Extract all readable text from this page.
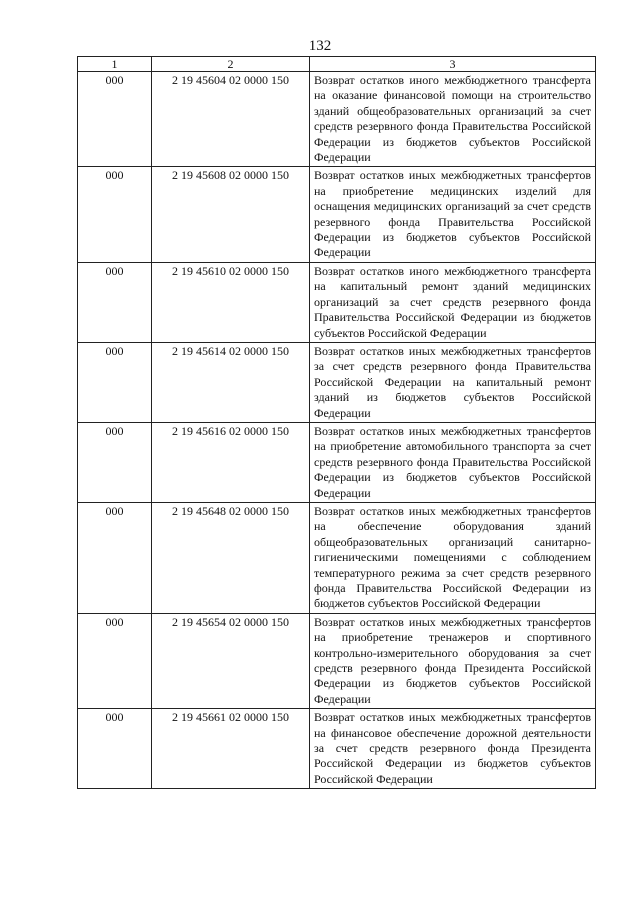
132
1	2	3
000	2 19 45604 02 0000 150	Возврат остатков иного межбюджетного трансферта на оказание финансовой помощи на строительство зданий общеобразовательных организаций за счет средств резервного фонда Правительства Российской Федерации из бюджетов субъектов Российской Федерации
000	2 19 45608 02 0000 150	Возврат остатков иных межбюджетных трансфертов на приобретение медицинских изделий для оснащения медицинских организаций за счет средств резервного фонда Правительства Российской Федерации из бюджетов субъектов Российской Федерации
000	2 19 45610 02 0000 150	Возврат остатков иного межбюджетного трансферта на капитальный ремонт зданий медицинских организаций за счет средств резервного фонда Правительства Российской Федерации из бюджетов субъектов Российской Федерации
000	2 19 45614 02 0000 150	Возврат остатков иных межбюджетных трансфертов за счет средств резервного фонда Правительства Российской Федерации на капитальный ремонт зданий из бюджетов субъектов Российской Федерации
000	2 19 45616 02 0000 150	Возврат остатков иных межбюджетных трансфертов на приобретение автомобильного транспорта за счет средств резервного фонда Правительства Российской Федерации из бюджетов субъектов Российской Федерации
000	2 19 45648 02 0000 150	Возврат остатков иных межбюджетных трансфертов на обеспечение оборудования зданий общеобразовательных организаций санитарно-гигиеническими помещениями с соблюдением температурного режима за счет средств резервного фонда Правительства Российской Федерации из бюджетов субъектов Российской Федерации
000	2 19 45654 02 0000 150	Возврат остатков иных межбюджетных трансфертов на приобретение тренажеров и спортивного контрольно-измерительного оборудования за счет средств резервного фонда Президента Российской Федерации из бюджетов субъектов Российской Федерации
000	2 19 45661 02 0000 150	Возврат остатков иных межбюджетных трансфертов на финансовое обеспечение дорожной деятельности за счет средств резервного фонда Президента Российской Федерации из бюджетов субъектов Российской Федерации
